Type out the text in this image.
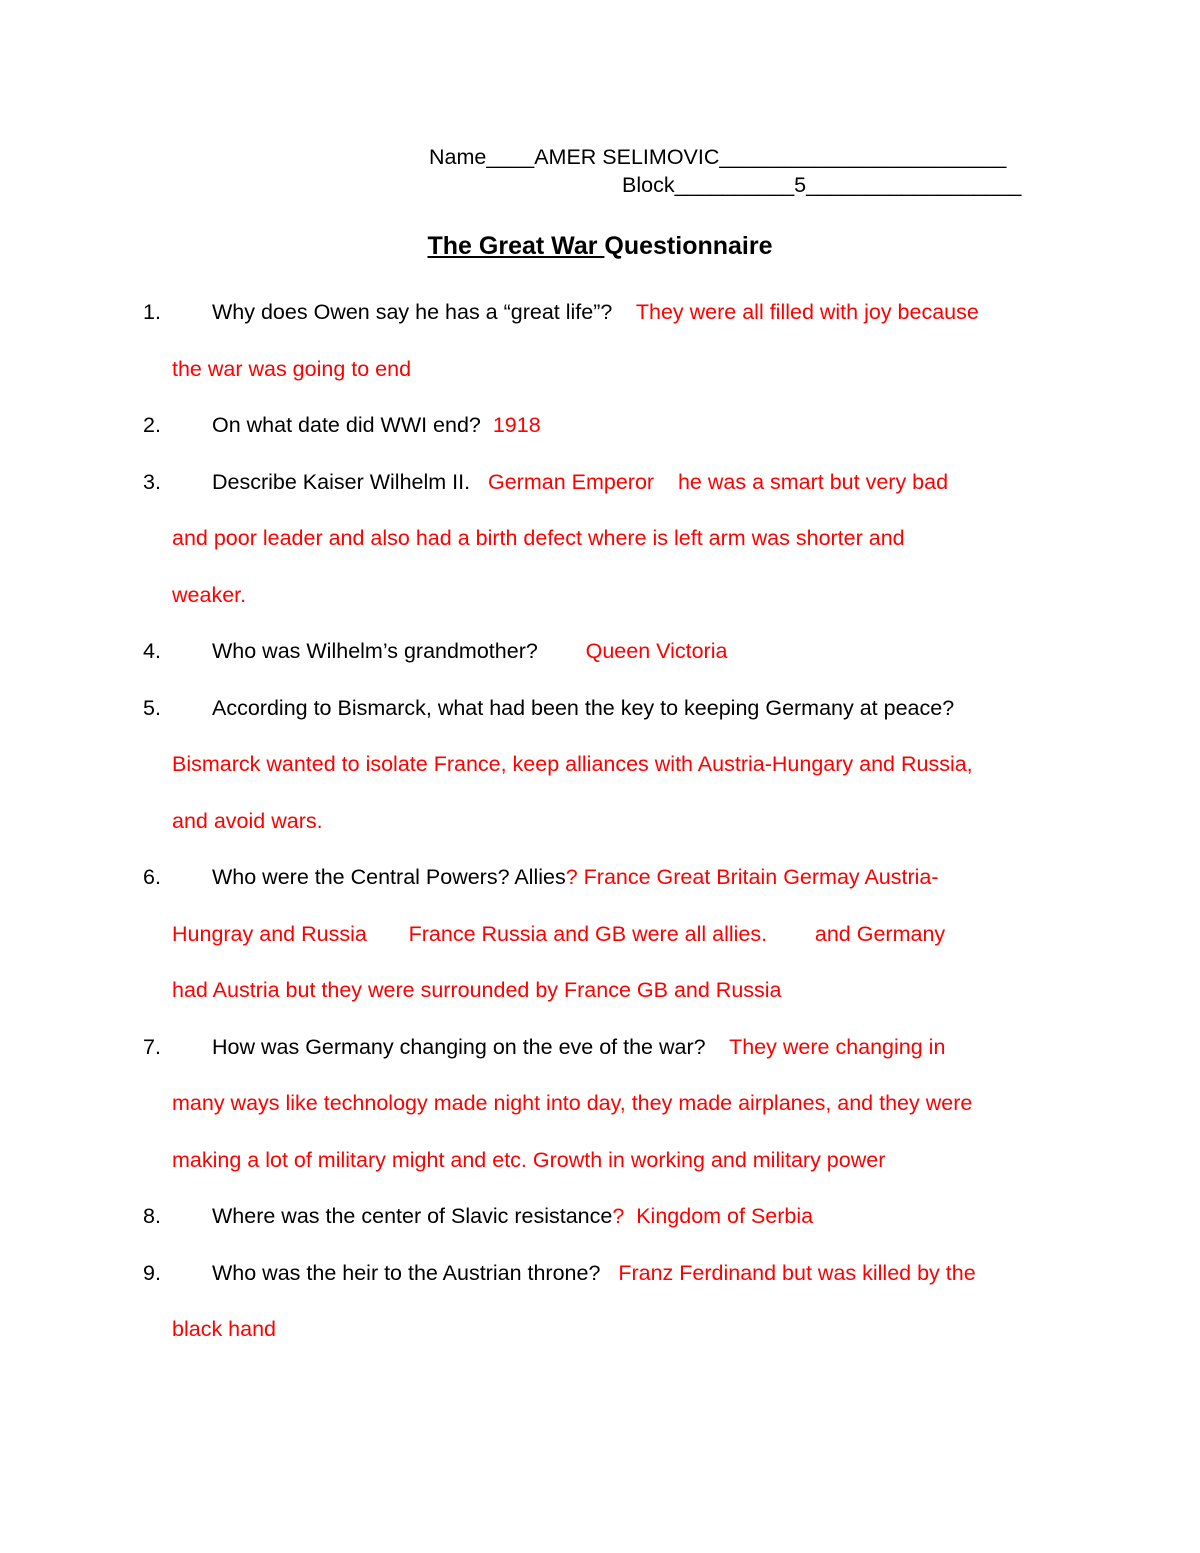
Name____AMER SELIMOVIC________________________
Block__________5__________________
The Great War Questionnaire
1. Why does Owen say he has a “great life”? They were all filled with joy because
the war was going to end
2. On what date did WWI end? 1918
3. Describe Kaiser Wilhelm II. German Emperor    he was a smart but very bad
and poor leader and also had a birth defect where is left arm was shorter and
weaker.
4. Who was Wilhelm’s grandmother? Queen Victoria
5. According to Bismarck, what had been the key to keeping Germany at peace?
Bismarck wanted to isolate France, keep alliances with Austria-Hungary and Russia,
and avoid wars.
6. Who were the Central Powers? Allies? France Great Britain Germay Austria-
Hungray and Russia       France Russia and GB were all allies.        and Germany
had Austria but they were surrounded by France GB and Russia
7. How was Germany changing on the eve of the war? They were changing in
many ways like technology made night into day, they made airplanes, and they were
making a lot of military might and etc. Growth in working and military power
8. Where was the center of Slavic resistance?  Kingdom of Serbia
9. Who was the heir to the Austrian throne? Franz Ferdinand but was killed by the
black hand
